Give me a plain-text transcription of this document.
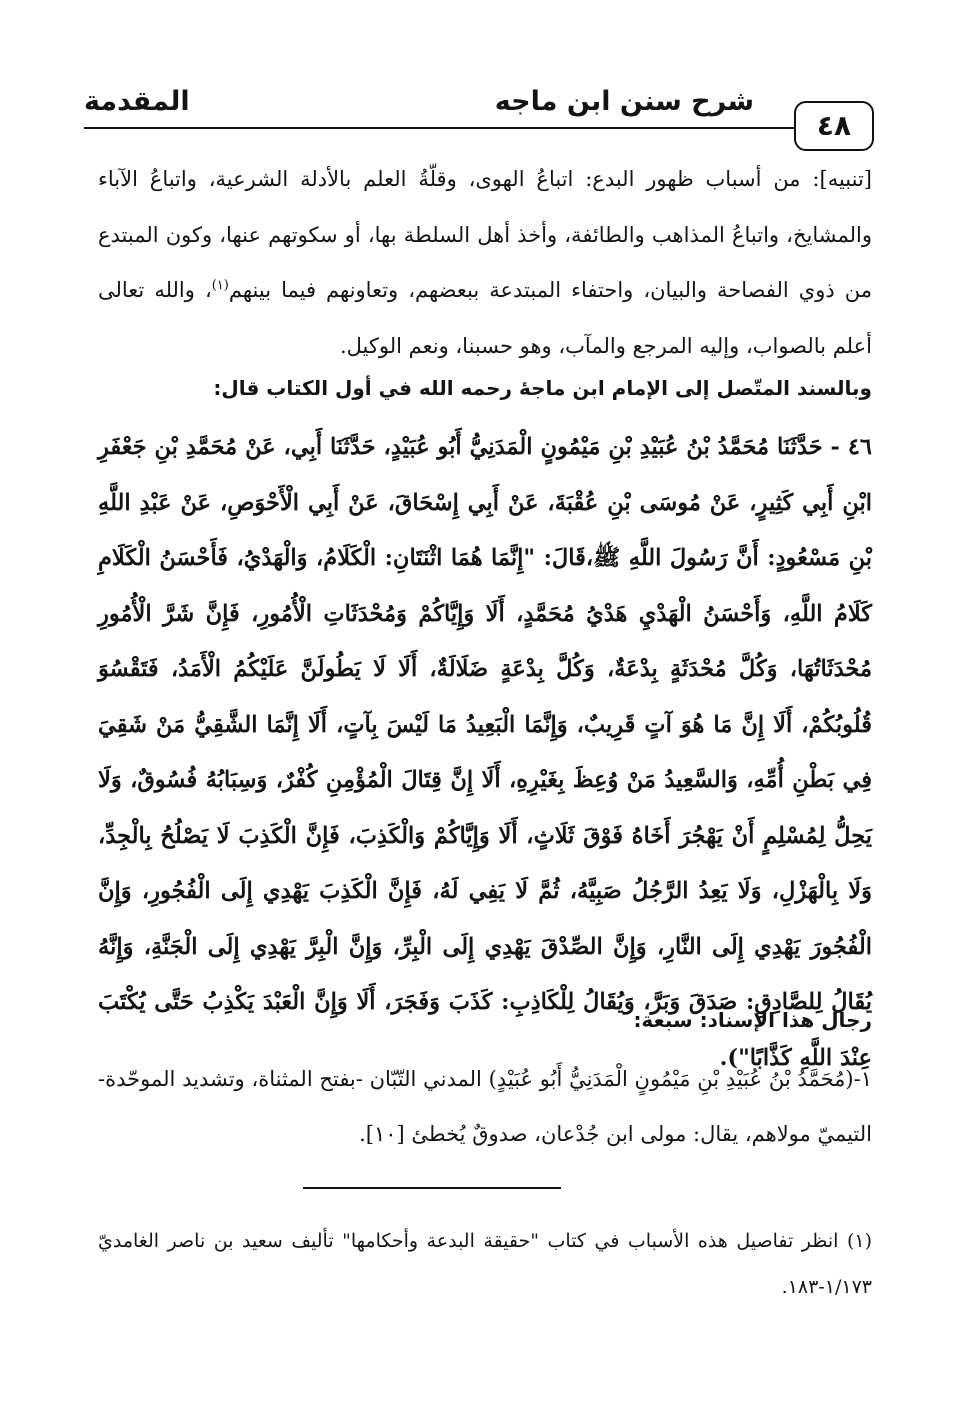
المقدمة	شرح سنن ابن ماجه
٤٨
[تنبيه]: من أسباب ظهور البدع: اتباعُ الهوى، وقلّةُ العلم بالأدلة الشرعية، واتباعُ الآباء والمشايخ، واتباعُ المذاهب والطائفة، وأخذ أهل السلطة بها، أو سكوتهم عنها، وكون المبتدع من ذوي الفصاحة والبيان، واحتفاء المبتدعة ببعضهم، وتعاونهم فيما بينهم$^{(١)}$، والله تعالى أعلم بالصواب، وإليه المرجع والمآب، وهو حسبنا، ونعم الوكيل.
وبالسند المتّصل إلى الإمام ابن ماجهٔ رحمه الله في أول الكتاب قال:
٤٦ - حَدَّثَنَا مُحَمَّدُ بْنُ عُبَيْدِ بْنِ مَيْمُونٍ الْمَدَنِيُّ أَبُو عُبَيْدٍ، حَدَّثَنَا أَبِي، عَنْ مُحَمَّدِ بْنِ جَعْفَرِ ابْنِ أَبِي كَثِيرٍ، عَنْ مُوسَى بْنِ عُقْبَةَ، عَنْ أَبِي إِسْحَاقَ، عَنْ أَبِي الْأَحْوَصِ، عَنْ عَبْدِ اللَّهِ بْنِ مَسْعُودٍ: أَنَّ رَسُولَ اللَّهِ ﷺ،قَالَ: "إِنَّمَا هُمَا اثْنَتَانِ: الْكَلَامُ، وَالْهَدْيُ، فَأَحْسَنُ الْكَلَامِ كَلَامُ اللَّهِ، وَأَحْسَنُ الْهَدْيِ هَدْيُ مُحَمَّدٍ، أَلَا وَإِيَّاكُمْ وَمُحْدَثَاتِ الْأُمُورِ، فَإِنَّ شَرَّ الْأُمُورِ مُحْدَثَاتُهَا، وَكُلَّ مُحْدَثَةٍ بِدْعَةٌ، وَكُلَّ بِدْعَةٍ ضَلَالَةٌ، أَلَا لَا يَطُولَنَّ عَلَيْكُمُ الْأَمَدُ، فَتَقْسُوَ قُلُوبُكُمْ، أَلَا إِنَّ مَا هُوَ آتٍ قَرِيبٌ، وَإِنَّمَا الْبَعِيدُ مَا لَيْسَ بِآتٍ، أَلَا إِنَّمَا الشَّقِيُّ مَنْ شَقِيَ فِي بَطْنِ أُمِّهِ، وَالسَّعِيدُ مَنْ وُعِظَ بِغَيْرِهِ، أَلَا إِنَّ قِتَالَ الْمُؤْمِنِ كُفْرٌ، وَسِبَابُهُ فُسُوقٌ، وَلَا يَحِلُّ لِمُسْلِمٍ أَنْ يَهْجُرَ أَخَاهُ فَوْقَ ثَلَاثٍ، أَلَا وَإِيَّاكُمْ وَالْكَذِبَ، فَإِنَّ الْكَذِبَ لَا يَصْلُحُ بِالْجِدِّ، وَلَا بِالْهَزْلِ، وَلَا يَعِدُ الرَّجُلُ صَبِيَّهُ، ثُمَّ لَا يَفِي لَهُ، فَإِنَّ الْكَذِبَ يَهْدِي إِلَى الْفُجُورِ، وَإِنَّ الْفُجُورَ يَهْدِي إِلَى النَّارِ، وَإِنَّ الصِّدْقَ يَهْدِي إِلَى الْبِرِّ، وَإِنَّ الْبِرَّ يَهْدِي إِلَى الْجَنَّةِ، وَإِنَّهُ يُقَالُ لِلصَّادِقِ: صَدَقَ وَبَرَّ، وَيُقَالُ لِلْكَاذِبِ: كَذَبَ وَفَجَرَ، أَلَا وَإِنَّ الْعَبْدَ يَكْذِبُ حَتَّى يُكْتَبَ عِنْدَ اللَّهِ كَذَّابًا").
رجال هذا الإسناد: سبعة:
١-(مُحَمَّدُ بْنُ عُبَيْدِ بْنِ مَيْمُونٍ الْمَدَنِيُّ أَبُو عُبَيْدٍ) المدني التّبّان -بفتح المثناة، وتشديد الموحّدة- التيميّ مولاهم، يقال: مولى ابن جُدْعان، صدوقٌ يُخطئ [١٠].
(١) انظر تفاصيل هذه الأسباب في كتاب "حقيقة البدعة وأحكامها" تأليف سعيد بن ناصر الغامديّ ١/١٧٣-١٨٣.
